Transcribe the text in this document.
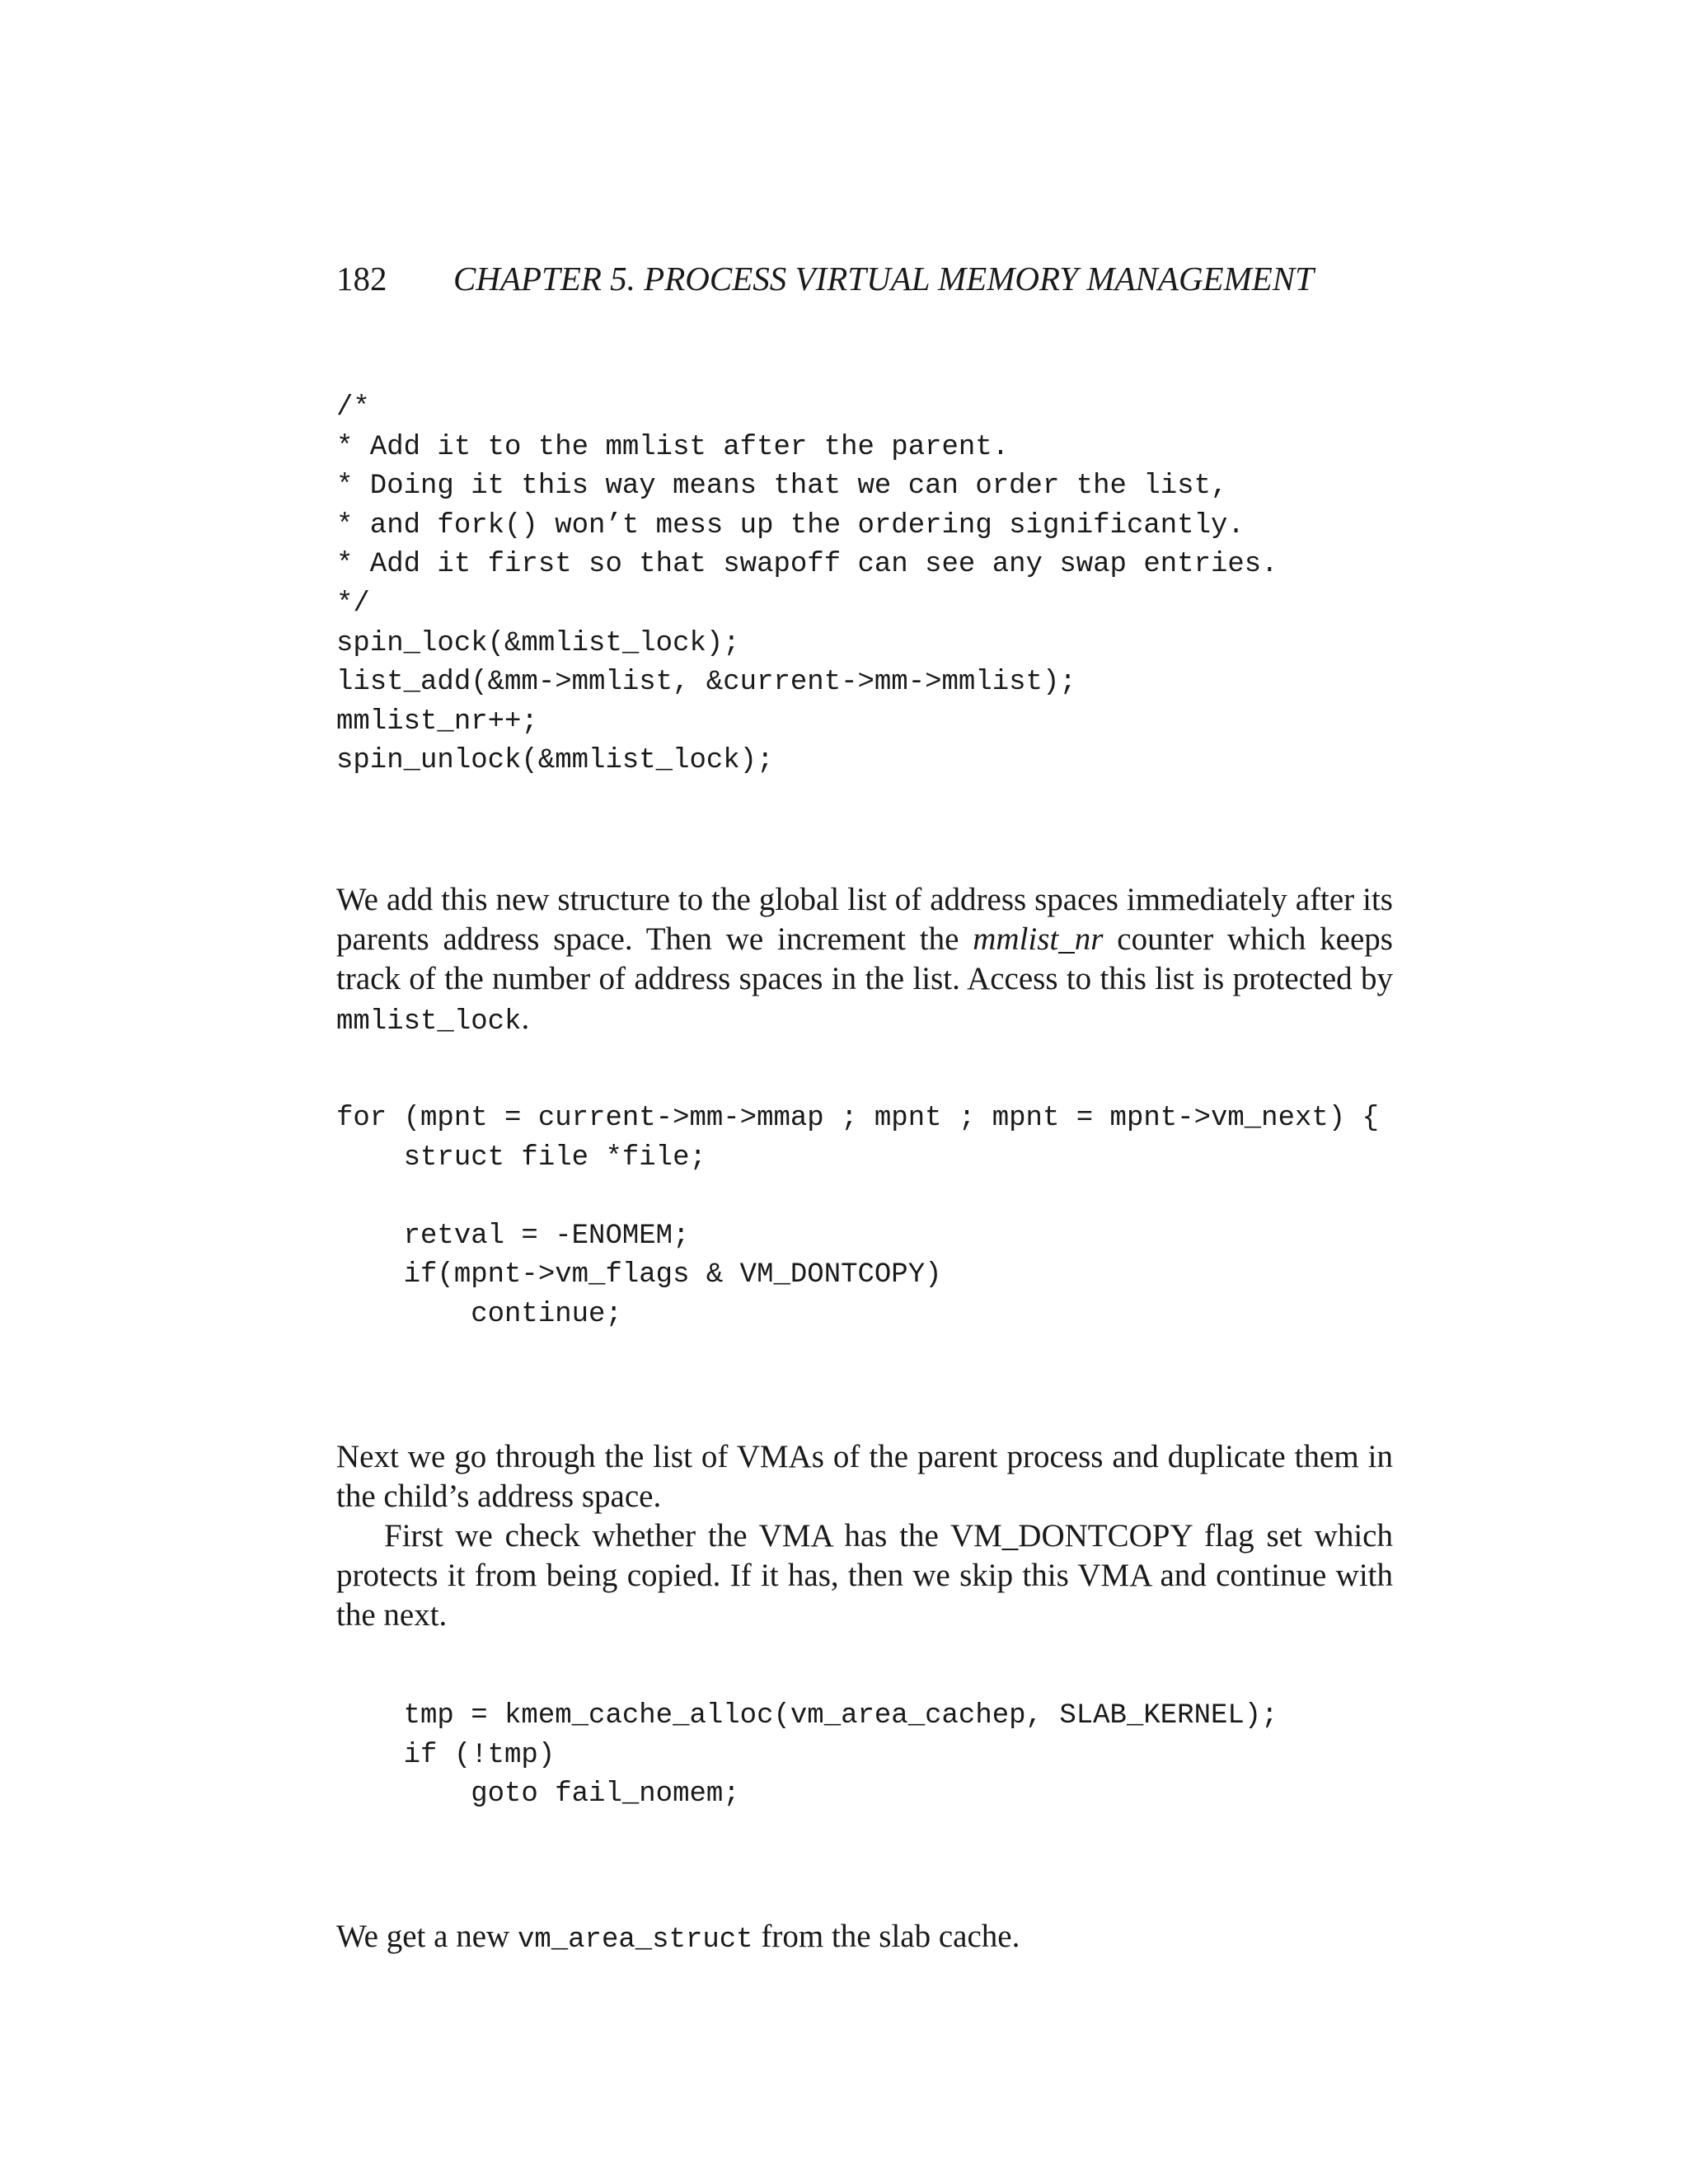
182 CHAPTER 5. PROCESS VIRTUAL MEMORY MANAGEMENT
/*
* Add it to the mmlist after the parent.
* Doing it this way means that we can order the list,
* and fork() won’t mess up the ordering significantly.
* Add it first so that swapoff can see any swap entries.
*/
spin_lock(&mmlist_lock);
list_add(&mm->mmlist, &current->mm->mmlist);
mmlist_nr++;
spin_unlock(&mmlist_lock);

We add this new structure to the global list of address spaces immediately after its parents address space. Then we increment the mmlist_nr counter which keeps track of the number of address spaces in the list. Access to this list is protected by mmlist_lock.

for (mpnt = current->mm->mmap ; mpnt ; mpnt = mpnt->vm_next) {
struct file *file;
retval = -ENOMEM;
if(mpnt->vm_flags & VM_DONTCOPY)
continue;

Next we go through the list of VMAs of the parent process and duplicate them in the child’s address space.

First we check whether the VMA has the VM_DONTCOPY flag set which protects it from being copied. If it has, then we skip this VMA and continue with the next.

tmp = kmem_cache_alloc(vm_area_cachep, SLAB_KERNEL);
if (!tmp)
goto fail_nomem;

We get a new vm_area_struct from the slab cache.
